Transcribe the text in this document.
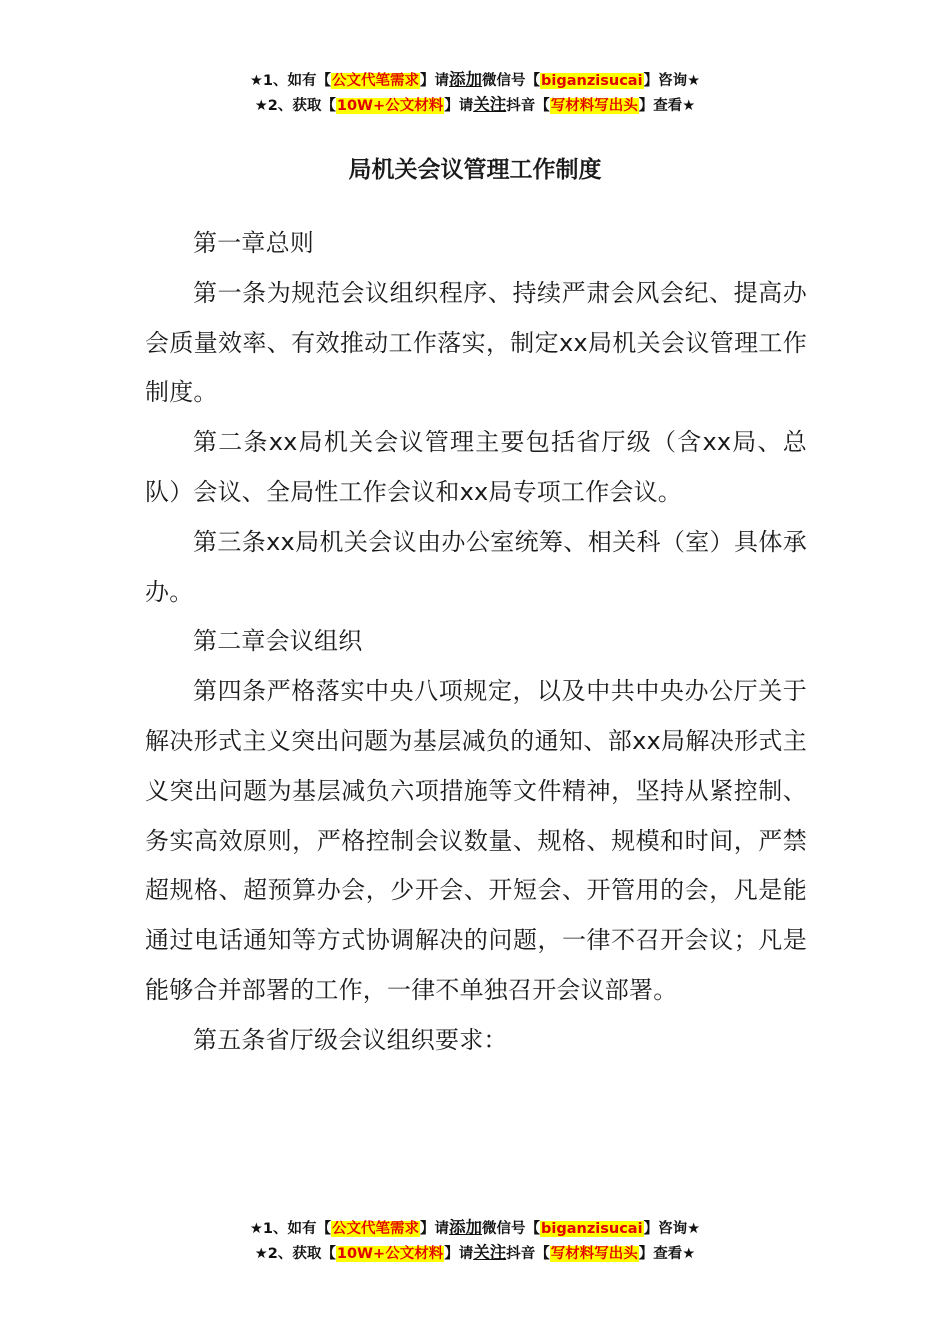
★1、如有【公文代笔需求】请添加微信号【biganzisucai】咨询★
★2、获取【10W+公文材料】请关注抖音【写材料写出头】查看★
局机关会议管理工作制度

第一章总则

第一条为规范会议组织程序、持续严肃会风会纪、提高办会质量效率、有效推动工作落实，制定xx局机关会议管理工作制度。

第二条xx局机关会议管理主要包括省厅级（含xx局、总队）会议、全局性工作会议和xx局专项工作会议。

第三条xx局机关会议由办公室统筹、相关科（室）具体承办。

第二章会议组织

第四条严格落实中央八项规定，以及中共中央办公厅关于解决形式主义突出问题为基层减负的通知、部xx局解决形式主义突出问题为基层减负六项措施等文件精神，坚持从紧控制、务实高效原则，严格控制会议数量、规格、规模和时间，严禁超规格、超预算办会，少开会、开短会、开管用的会，凡是能通过电话通知等方式协调解决的问题，一律不召开会议；凡是能够合并部署的工作，一律不单独召开会议部署。

第五条省厅级会议组织要求：

★1、如有【公文代笔需求】请添加微信号【biganzisucai】咨询★
★2、获取【10W+公文材料】请关注抖音【写材料写出头】查看★
